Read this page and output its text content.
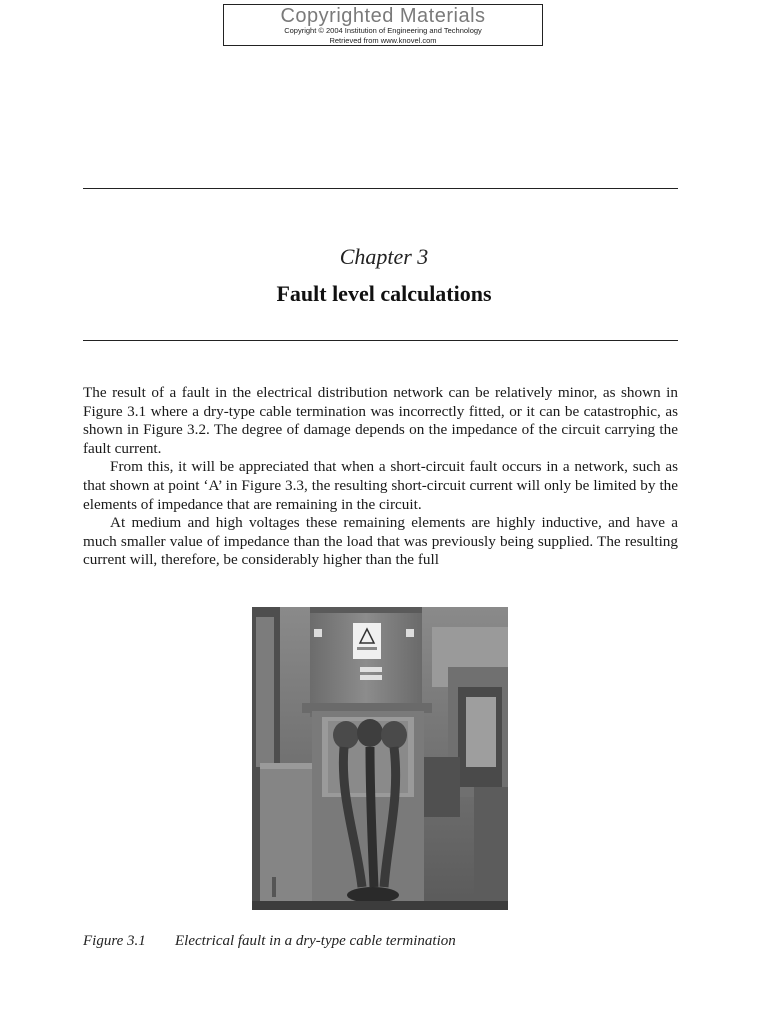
Copyrighted Materials
Copyright © 2004 Institution of Engineering and Technology
Retrieved from www.knovel.com
Chapter 3
Fault level calculations

The result of a fault in the electrical distribution network can be relatively minor, as shown in Figure 3.1 where a dry-type cable termination was incorrectly fitted, or it can be catastrophic, as shown in Figure 3.2. The degree of damage depends on the impedance of the circuit carrying the fault current.

From this, it will be appreciated that when a short-circuit fault occurs in a network, such as that shown at point ‘A’ in Figure 3.3, the resulting short-circuit current will only be limited by the elements of impedance that are remaining in the circuit.

At medium and high voltages these remaining elements are highly inductive, and have a much smaller value of impedance than the load that was previously being supplied. The resulting current will, therefore, be considerably higher than the full

Figure 3.1 Electrical fault in a dry-type cable termination
